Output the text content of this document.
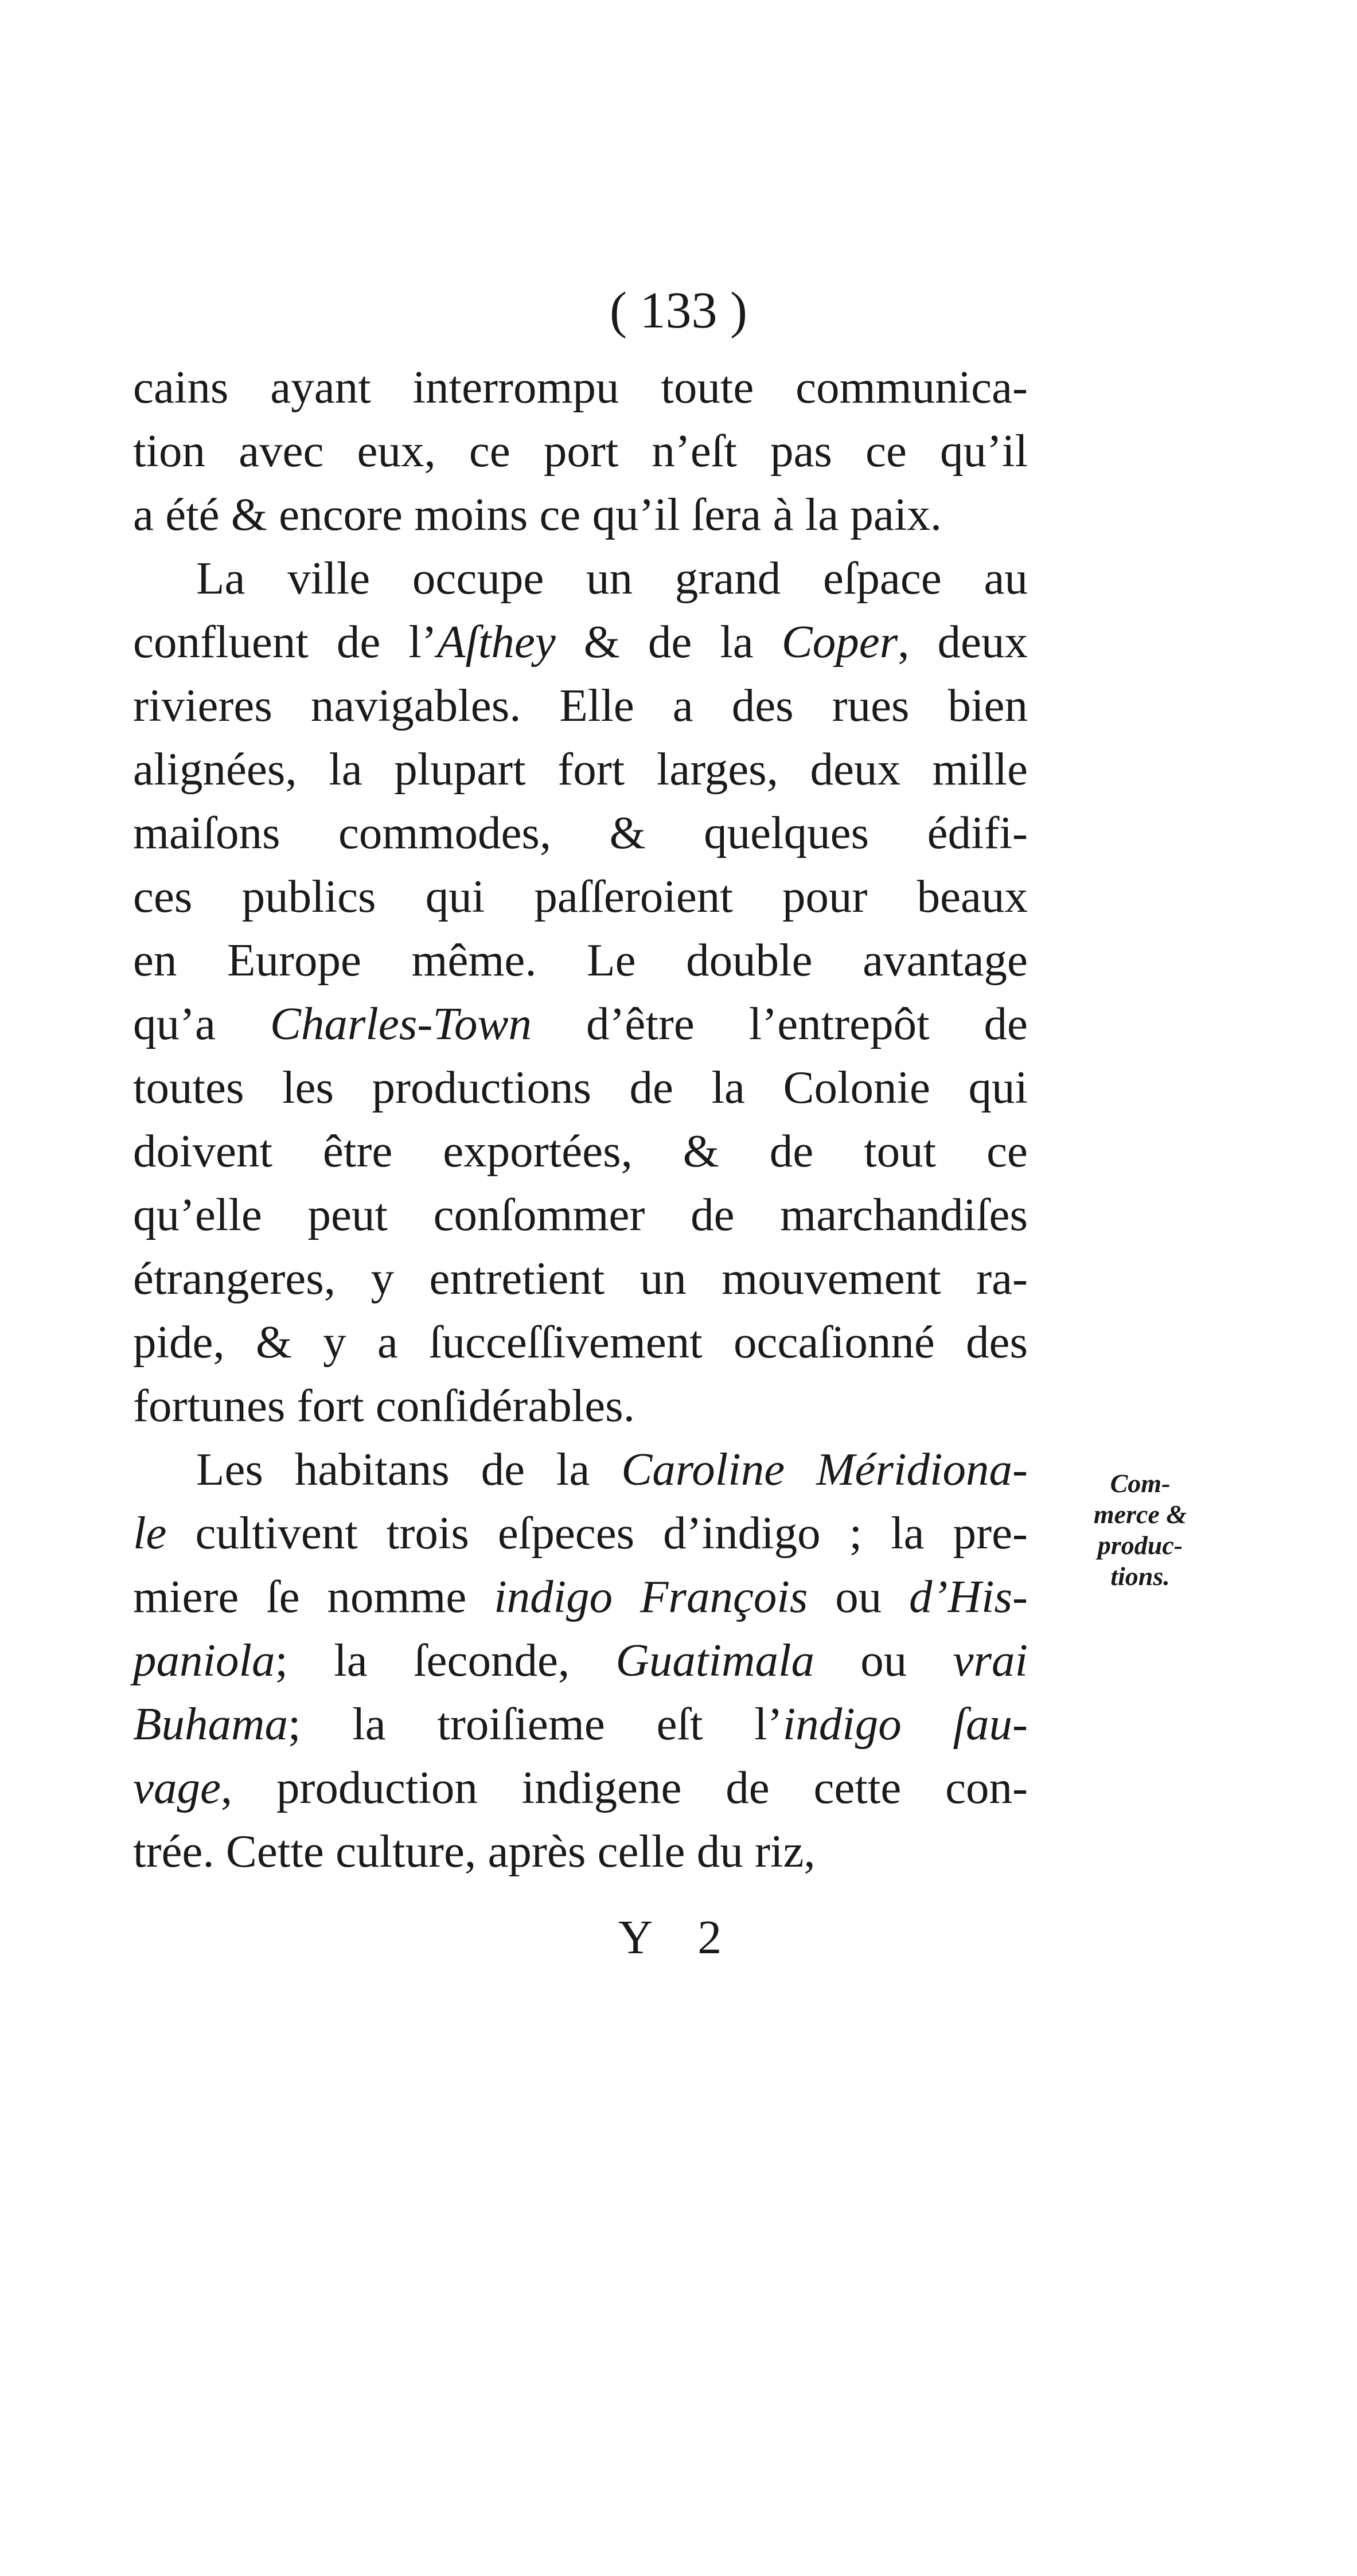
( 133 )
cains ayant interrompu toute communica-
tion avec eux, ce port n’eſt pas ce qu’il
a été & encore moins ce qu’il ſera à la paix.
La ville occupe un grand eſpace au
confluent de l’Aſthey & de la Coper, deux
rivieres navigables. Elle a des rues bien
alignées, la plupart fort larges, deux mille
maiſons commodes, & quelques édifi-
ces publics qui paſſeroient pour beaux
en Europe même. Le double avantage
qu’a Charles-Town d’être l’entrepôt de
toutes les productions de la Colonie qui
doivent être exportées, & de tout ce
qu’elle peut conſommer de marchandiſes
étrangeres, y entretient un mouvement ra-
pide, & y a ſucceſſivement occaſionné des
fortunes fort conſidérables.
Les habitans de la Caroline Méridiona-
le cultivent trois eſpeces d’indigo ; la pre-
miere ſe nomme indigo François ou d’His-
paniola; la ſeconde, Guatimala ou vrai
Buhama; la troiſieme eſt l’indigo ſau-
vage, production indigene de cette con-
trée. Cette culture, après celle du riz,
Com-
merce &
produc-
tions.
Y 2
